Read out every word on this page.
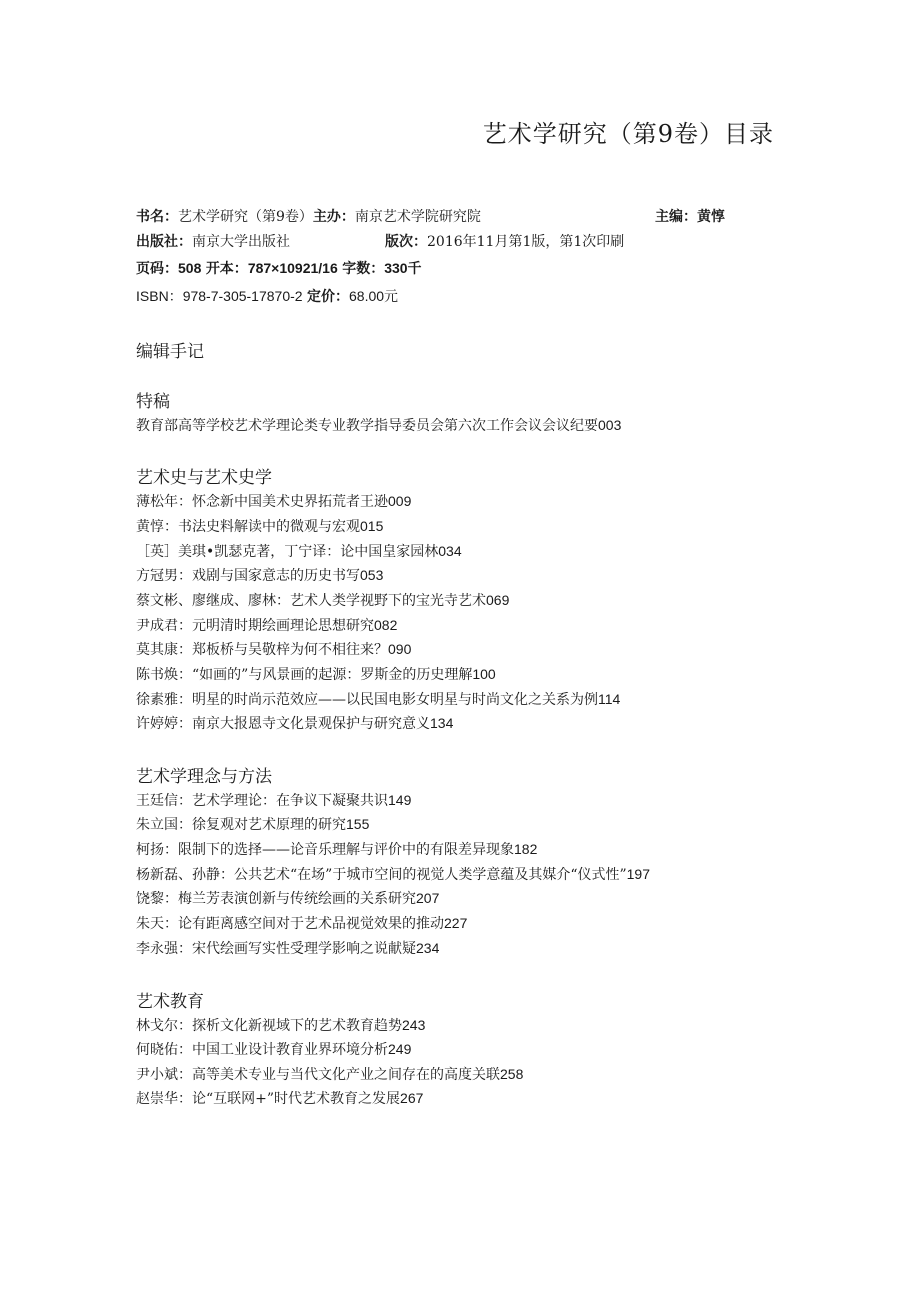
艺术学研究（第9卷）目录
书名：艺术学研究（第9卷）主办：南京艺术学院研究院	主编：黄惇
出版社：南京大学出版社	版次：2016年11月第1版，第1次印刷
页码：508 开本：787×10921/16 字数：330千
ISBN：978-7-305-17870-2 定价：68.00元
编辑手记
特稿
教育部高等学校艺术学理论类专业教学指导委员会第六次工作会议会议纪要003
艺术史与艺术史学
薄松年：怀念新中国美术史界拓荒者王逊009
黄惇：书法史料解读中的微观与宏观015
［英］美琪•凯瑟克著，丁宁译：论中国皇家园林034
方冠男：戏剧与国家意志的历史书写053
蔡文彬、廖继成、廖林：艺术人类学视野下的宝光寺艺术069
尹成君：元明清时期绘画理论思想研究082
莫其康：郑板桥与吴敬梓为何不相往来？090
陈书焕：“如画的”与风景画的起源：罗斯金的历史理解100
徐素雅：明星的时尚示范效应——以民国电影女明星与时尚文化之关系为例114
许婷婷：南京大报恩寺文化景观保护与研究意义134
艺术学理念与方法
王廷信：艺术学理论：在争议下凝聚共识149
朱立国：徐复观对艺术原理的研究155
柯扬：限制下的选择——论音乐理解与评价中的有限差异现象182
杨新磊、孙静：公共艺术“在场”于城市空间的视觉人类学意蕴及其媒介“仪式性”197
饶黎：梅兰芳表演创新与传统绘画的关系研究207
朱天：论有距离感空间对于艺术品视觉效果的推动227
李永强：宋代绘画写实性受理学影响之说献疑234
艺术教育
林戈尔：探析文化新视域下的艺术教育趋势243
何晓佑：中国工业设计教育业界环境分析249
尹小斌：高等美术专业与当代文化产业之间存在的高度关联258
赵崇华：论“互联网+”时代艺术教育之发展267
